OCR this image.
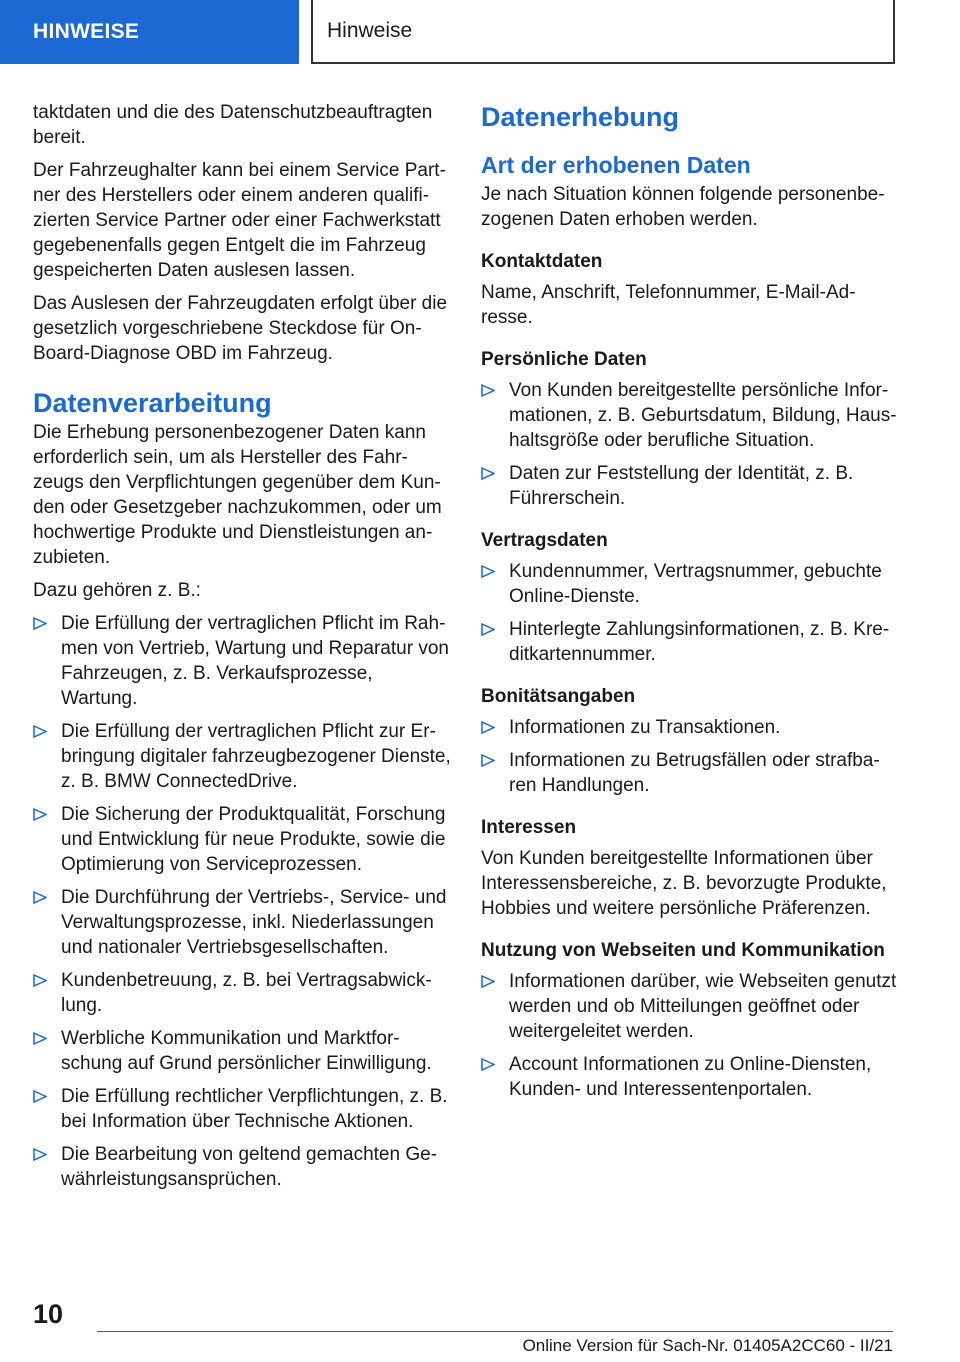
HINWEISE	Hinweise

taktdaten und die des Datenschutzbeauftragten bereit.

Der Fahrzeughalter kann bei einem Service Partner des Herstellers oder einem anderen qualifizierten Service Partner oder einer Fachwerkstatt gegebenenfalls gegen Entgelt die im Fahrzeug gespeicherten Daten auslesen lassen.

Das Auslesen der Fahrzeugdaten erfolgt über die gesetzlich vorgeschriebene Steckdose für On-Board-Diagnose OBD im Fahrzeug.

Datenverarbeitung

Die Erhebung personenbezogener Daten kann erforderlich sein, um als Hersteller des Fahrzeugs den Verpflichtungen gegenüber dem Kunden oder Gesetzgeber nachzukommen, oder um hochwertige Produkte und Dienstleistungen anzubieten.

Dazu gehören z. B.:

Die Erfüllung der vertraglichen Pflicht im Rahmen von Vertrieb, Wartung und Reparatur von Fahrzeugen, z. B. Verkaufsprozesse, Wartung.
Die Erfüllung der vertraglichen Pflicht zur Erbringung digitaler fahrzeugbezogener Dienste, z. B. BMW ConnectedDrive.
Die Sicherung der Produktqualität, Forschung und Entwicklung für neue Produkte, sowie die Optimierung von Serviceprozessen.
Die Durchführung der Vertriebs-, Service- und Verwaltungsprozesse, inkl. Niederlassungen und nationaler Vertriebsgesellschaften.
Kundenbetreuung, z. B. bei Vertragsabwicklung.
Werbliche Kommunikation und Marktforschung auf Grund persönlicher Einwilligung.
Die Erfüllung rechtlicher Verpflichtungen, z. B. bei Information über Technische Aktionen.
Die Bearbeitung von geltend gemachten Gewährleistungsansprüchen.
Datenerhebung
Art der erhobenen Daten

Je nach Situation können folgende personenbezogenen Daten erhoben werden.

Kontaktdaten

Name, Anschrift, Telefonnummer, E-Mail-Adresse.

Persönliche Daten
Von Kunden bereitgestellte persönliche Informationen, z. B. Geburtsdatum, Bildung, Haushaltsgröße oder berufliche Situation.
Daten zur Feststellung der Identität, z. B. Führerschein.
Vertragsdaten
Kundennummer, Vertragsnummer, gebuchte Online-Dienste.
Hinterlegte Zahlungsinformationen, z. B. Kreditkartennummer.
Bonitätsangaben
Informationen zu Transaktionen.
Informationen zu Betrugsfällen oder strafbaren Handlungen.
Interessen

Von Kunden bereitgestellte Informationen über Interessensbereiche, z. B. bevorzugte Produkte, Hobbies und weitere persönliche Präferenzen.

Nutzung von Webseiten und Kommunikation
Informationen darüber, wie Webseiten genutzt werden und ob Mitteilungen geöffnet oder weitergeleitet werden.
Account Informationen zu Online-Diensten, Kunden- und Interessentenportalen.
10
Online Version für Sach-Nr. 01405A2CC60 - II/21
